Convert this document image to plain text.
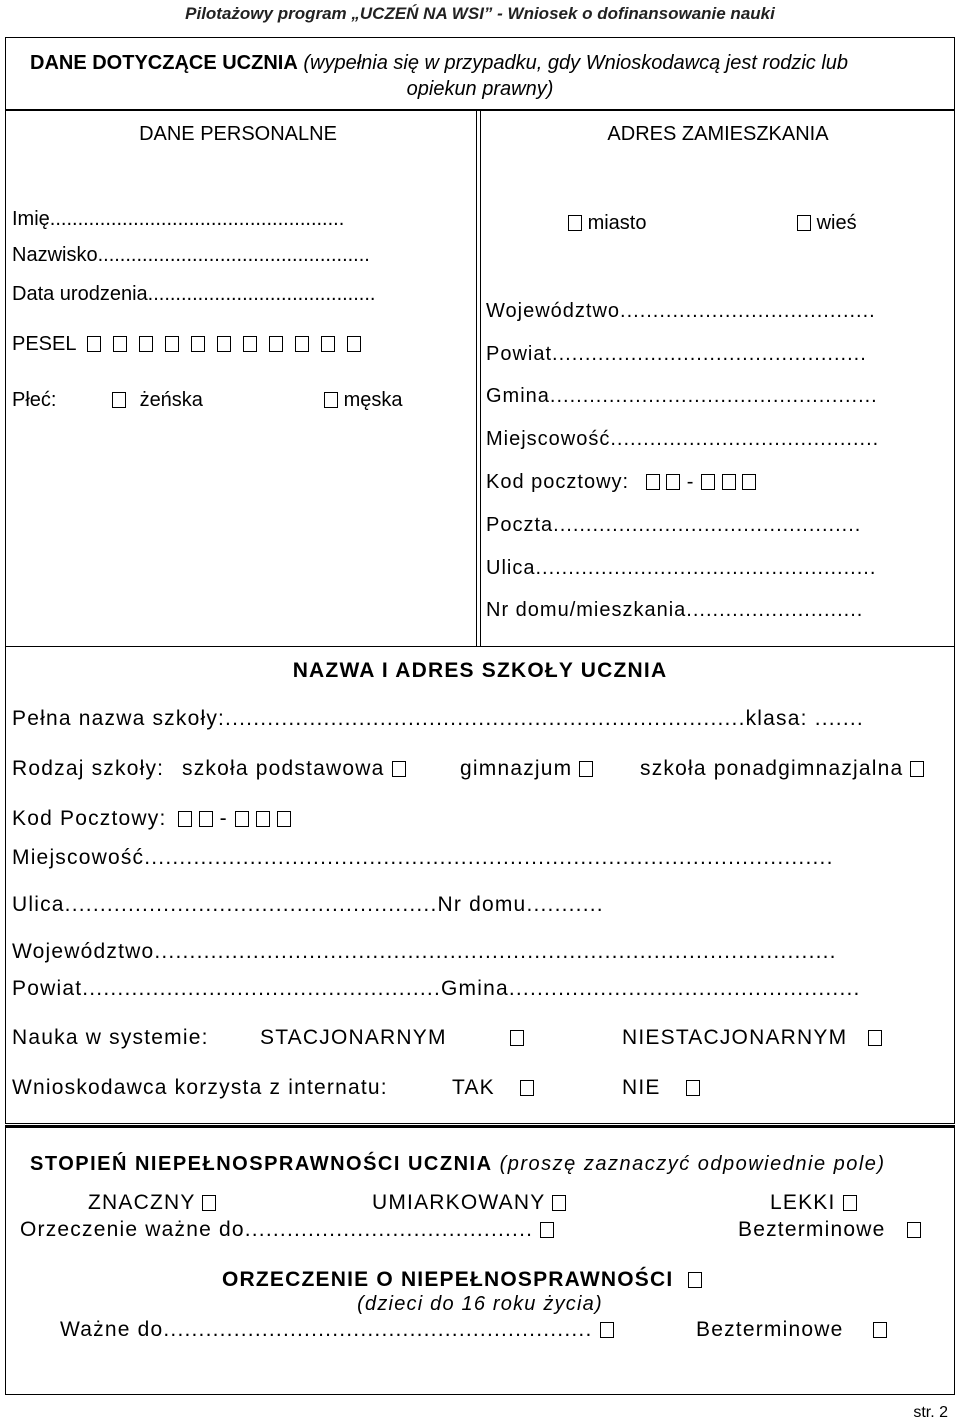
Pilotażowy program „UCZEŃ NA WSI” - Wniosek o dofinansowanie nauki
DANE DOTYCZĄCE UCZNIA (wypełnia się w przypadku, gdy Wnioskodawcą jest rodzic lub
opiekun prawny)
DANE PERSONALNE
Imię.....................................................
Nazwisko.................................................
Data urodzenia.........................................
PESEL
Płeć:	żeńska	męska
ADRES ZAMIESZKANIA
miasto	wieś
Województwo.......................................
Powiat................................................
Gmina..................................................
Miejscowość.........................................
Kod pocztowy:	-
Poczta...............................................
Ulica....................................................
Nr domu/mieszkania...........................
NAZWA I ADRES SZKOŁY UCZNIA
Pełna nazwa szkoły:..........................................................................klasa: .......
Rodzaj szkoły: szkoła podstawowa	gimnazjum	szkoła ponadgimnazjalna
Kod Pocztowy:	-
Miejscowość..................................................................................................
Ulica.....................................................Nr domu...........
Województwo.................................................................................................
Powiat...................................................Gmina..................................................
Nauka w systemie: STACJONARNYM	NIESTACJONARNYM
Wnioskodawca korzysta z internatu:	TAK	NIE
STOPIEŃ NIEPEŁNOSPRAWNOŚCI UCZNIA (proszę zaznaczyć odpowiednie pole)
ZNACZNY	UMIARKOWANY	LEKKI
Orzeczenie ważne do.........................................	Bezterminowe
ORZECZENIE O NIEPEŁNOSPRAWNOŚCI
(dzieci do 16 roku życia)
Ważne do.............................................................	Bezterminowe
str. 2
